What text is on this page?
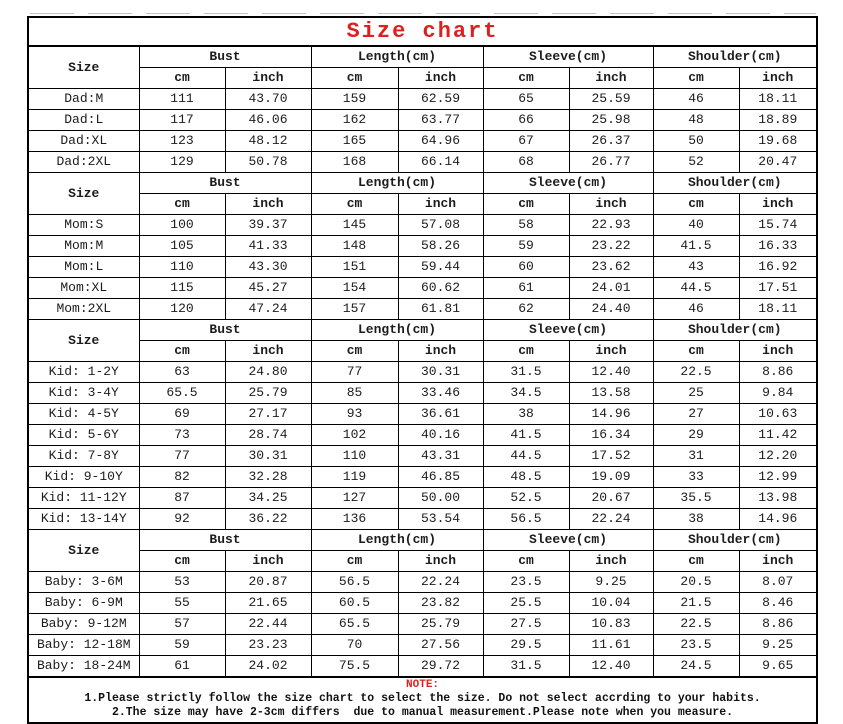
Size chart								
Size	Bust		Length(cm)		Sleeve(cm)		Shoulder(cm)	
	cm	inch	cm	inch	cm	inch	cm	inch
Dad:M	111	43.70	159	62.59	65	25.59	46	18.11
Dad:L	117	46.06	162	63.77	66	25.98	48	18.89
Dad:XL	123	48.12	165	64.96	67	26.37	50	19.68
Dad:2XL	129	50.78	168	66.14	68	26.77	52	20.47
Size	Bust		Length(cm)		Sleeve(cm)		Shoulder(cm)	
	cm	inch	cm	inch	cm	inch	cm	inch
Mom:S	100	39.37	145	57.08	58	22.93	40	15.74
Mom:M	105	41.33	148	58.26	59	23.22	41.5	16.33
Mom:L	110	43.30	151	59.44	60	23.62	43	16.92
Mom:XL	115	45.27	154	60.62	61	24.01	44.5	17.51
Mom:2XL	120	47.24	157	61.81	62	24.40	46	18.11
Size	Bust		Length(cm)		Sleeve(cm)		Shoulder(cm)	
	cm	inch	cm	inch	cm	inch	cm	inch
Kid: 1-2Y	63	24.80	77	30.31	31.5	12.40	22.5	8.86
Kid: 3-4Y	65.5	25.79	85	33.46	34.5	13.58	25	9.84
Kid: 4-5Y	69	27.17	93	36.61	38	14.96	27	10.63
Kid: 5-6Y	73	28.74	102	40.16	41.5	16.34	29	11.42
Kid: 7-8Y	77	30.31	110	43.31	44.5	17.52	31	12.20
Kid: 9-10Y	82	32.28	119	46.85	48.5	19.09	33	12.99
Kid: 11-12Y	87	34.25	127	50.00	52.5	20.67	35.5	13.98
Kid: 13-14Y	92	36.22	136	53.54	56.5	22.24	38	14.96
Size	Bust		Length(cm)		Sleeve(cm)		Shoulder(cm)	
	cm	inch	cm	inch	cm	inch	cm	inch
Baby: 3-6M	53	20.87	56.5	22.24	23.5	9.25	20.5	8.07
Baby: 6-9M	55	21.65	60.5	23.82	25.5	10.04	21.5	8.46
Baby: 9-12M	57	22.44	65.5	25.79	27.5	10.83	22.5	8.86
Baby: 12-18M	59	23.23	70	27.56	29.5	11.61	23.5	9.25
Baby: 18-24M	61	24.02	75.5	29.72	31.5	12.40	24.5	9.65

NOTE:
1.Please strictly follow the size chart to select the size. Do not select accrding to your habits.
2.The size may have 2-3cm differs  due to manual measurement.Please note when you measure.								
